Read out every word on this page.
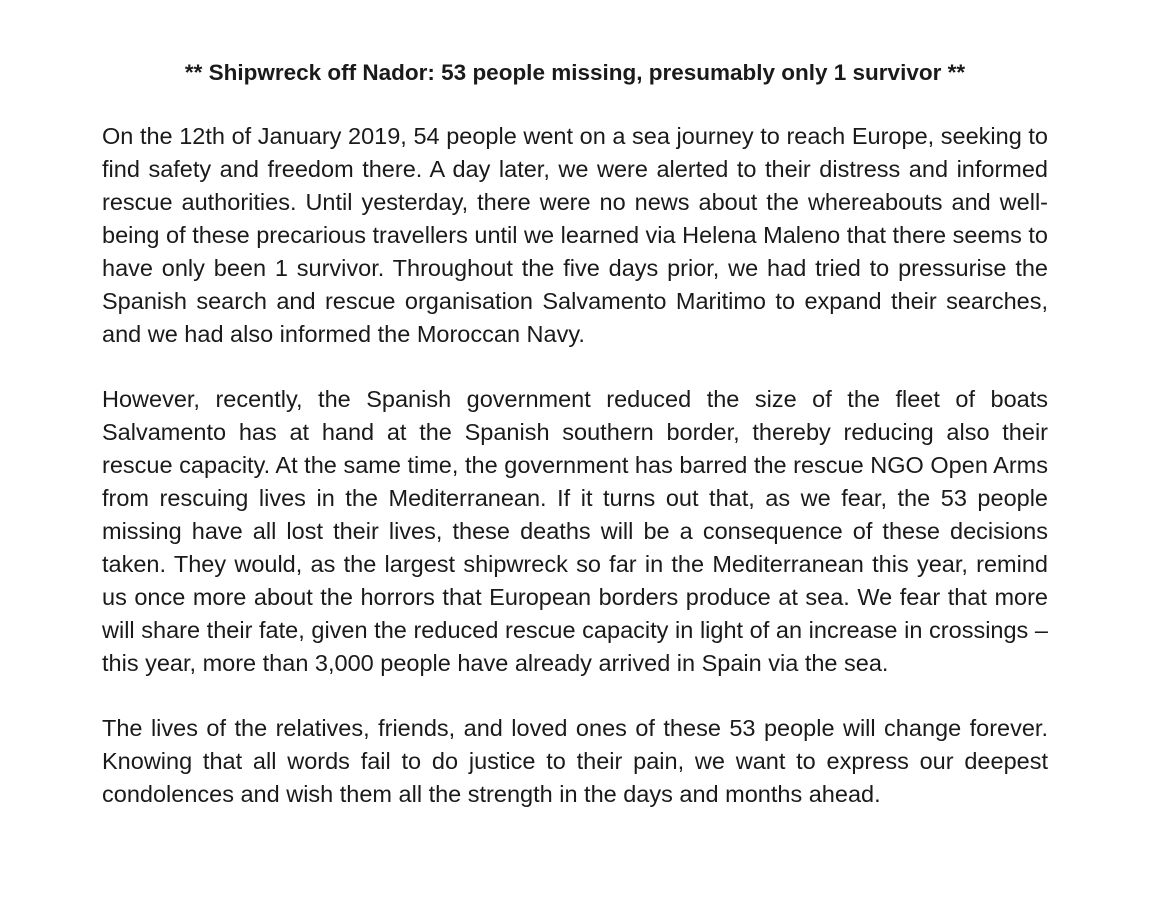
** Shipwreck off Nador: 53 people missing, presumably only 1 survivor **

On the 12th of January 2019, 54 people went on a sea journey to reach Europe, seeking to find safety and freedom there. A day later, we were alerted to their distress and informed rescue authorities. Until yesterday, there were no news about the whereabouts and well-being of these precarious travellers until we learned via Helena Maleno that there seems to have only been 1 survivor. Throughout the five days prior, we had tried to pressurise the Spanish search and rescue organisation Salvamento Maritimo to expand their searches, and we had also informed the Moroccan Navy.

However, recently, the Spanish government reduced the size of the fleet of boats Salvamento has at hand at the Spanish southern border, thereby reducing also their rescue capacity. At the same time, the government has barred the rescue NGO Open Arms from rescuing lives in the Mediterranean. If it turns out that, as we fear, the 53 people missing have all lost their lives, these deaths will be a consequence of these decisions taken. They would, as the largest shipwreck so far in the Mediterranean this year, remind us once more about the horrors that European borders produce at sea. We fear that more will share their fate, given the reduced rescue capacity in light of an increase in crossings – this year, more than 3,000 people have already arrived in Spain via the sea.

The lives of the relatives, friends, and loved ones of these 53 people will change forever. Knowing that all words fail to do justice to their pain, we want to express our deepest condolences and wish them all the strength in the days and months ahead.
